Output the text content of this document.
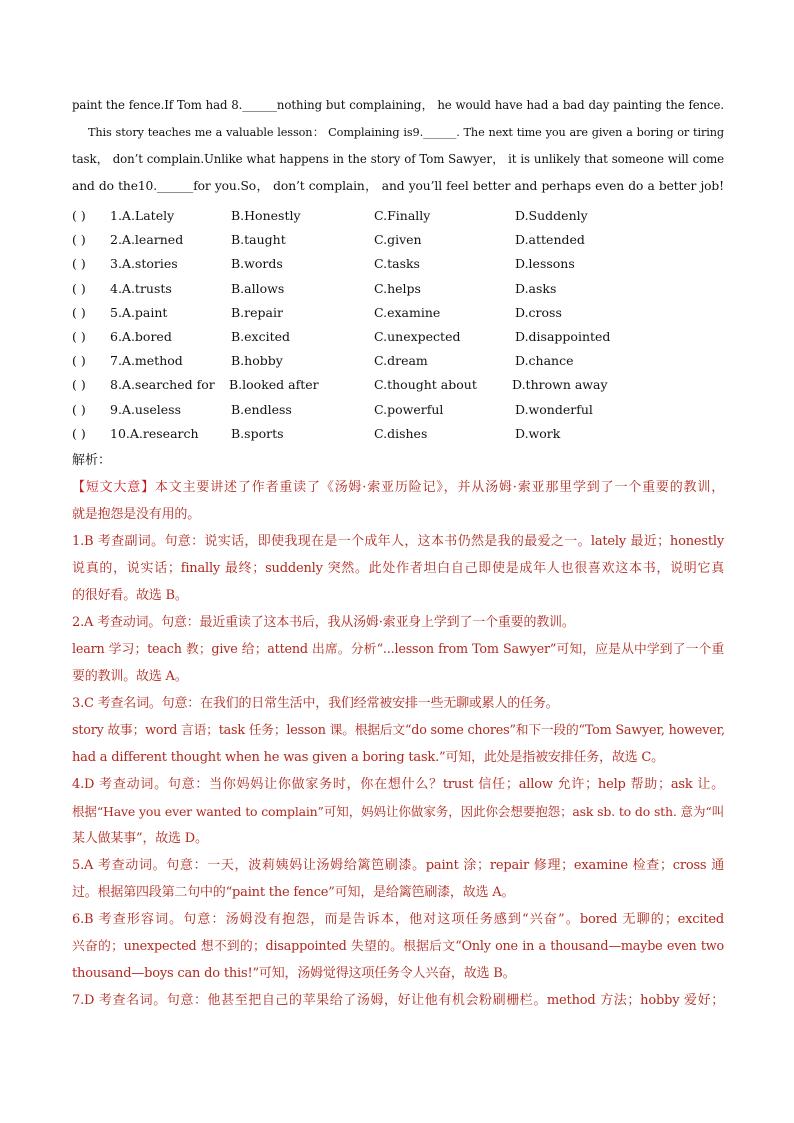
paint the fence.If Tom had 8.______nothing but complaining， he would have had a bad day painting the fence.
This story teaches me a valuable lesson： Complaining is9.______. The next time you are given a boring or tiring
task， don’t complain.Unlike what happens in the story of Tom Sawyer， it is unlikely that someone will come
and do the10.______for you.So， don’t complain， and you’ll feel better and perhaps even do a better job!
( ) 1.A.Lately	B.Honestly	C.Finally	D.Suddenly
( ) 2.A.learned	B.taught	C.given	D.attended
( ) 3.A.stories	B.words	C.tasks	D.lessons
( ) 4.A.trusts	B.allows	C.helps	D.asks
( ) 5.A.paint	B.repair	C.examine	D.cross
( ) 6.A.bored	B.excited	C.unexpected	D.disappointed
( ) 7.A.method	B.hobby	C.dream	D.chance
( ) 8.A.searched for B.looked after	C.thought about	D.thrown away
( ) 9.A.useless	B.endless	C.powerful	D.wonderful
( ) 10.A.research	B.sports	C.dishes	D.work
解析：
【短文大意】本文主要讲述了作者重读了《汤姆·索亚历险记》，并从汤姆·索亚那里学到了一个重要的教训，
就是抱怨是没有用的。
1.B 考查副词。句意：说实话，即使我现在是一个成年人，这本书仍然是我的最爱之一。lately 最近；honestly
说真的，说实话；finally 最终；suddenly 突然。此处作者坦白自己即使是成年人也很喜欢这本书，说明它真
的很好看。故选 B。
2.A 考查动词。句意：最近重读了这本书后，我从汤姆·索亚身上学到了一个重要的教训。
learn 学习；teach 教；give 给；attend 出席。分析“...lesson from Tom Sawyer”可知，应是从中学到了一个重
要的教训。故选 A。
3.C 考查名词。句意：在我们的日常生活中，我们经常被安排一些无聊或累人的任务。
story 故事；word 言语；task 任务；lesson 课。根据后文“do some chores”和下一段的“Tom Sawyer, however,
had a different thought when he was given a boring task.”可知，此处是指被安排任务，故选 C。
4.D 考查动词。句意：当你妈妈让你做家务时，你在想什么？trust 信任；allow 允许；help 帮助；ask 让。
根据“Have you ever wanted to complain”可知，妈妈让你做家务，因此你会想要抱怨；ask sb. to do sth. 意为“叫
某人做某事”，故选 D。
5.A 考查动词。句意：一天，波莉姨妈让汤姆给篱笆刷漆。paint 涂；repair 修理；examine 检查；cross 通
过。根据第四段第二句中的“paint the fence”可知，是给篱笆刷漆，故选 A。
6.B 考查形容词。句意：汤姆没有抱怨，而是告诉本，他对这项任务感到“兴奋”。bored 无聊的；excited
兴奋的；unexpected 想不到的；disappointed 失望的。根据后文“Only one in a thousand—maybe even two
thousand—boys can do this!”可知，汤姆觉得这项任务令人兴奋，故选 B。
7.D 考查名词。句意：他甚至把自己的苹果给了汤姆，好让他有机会粉刷栅栏。method 方法；hobby 爱好；
